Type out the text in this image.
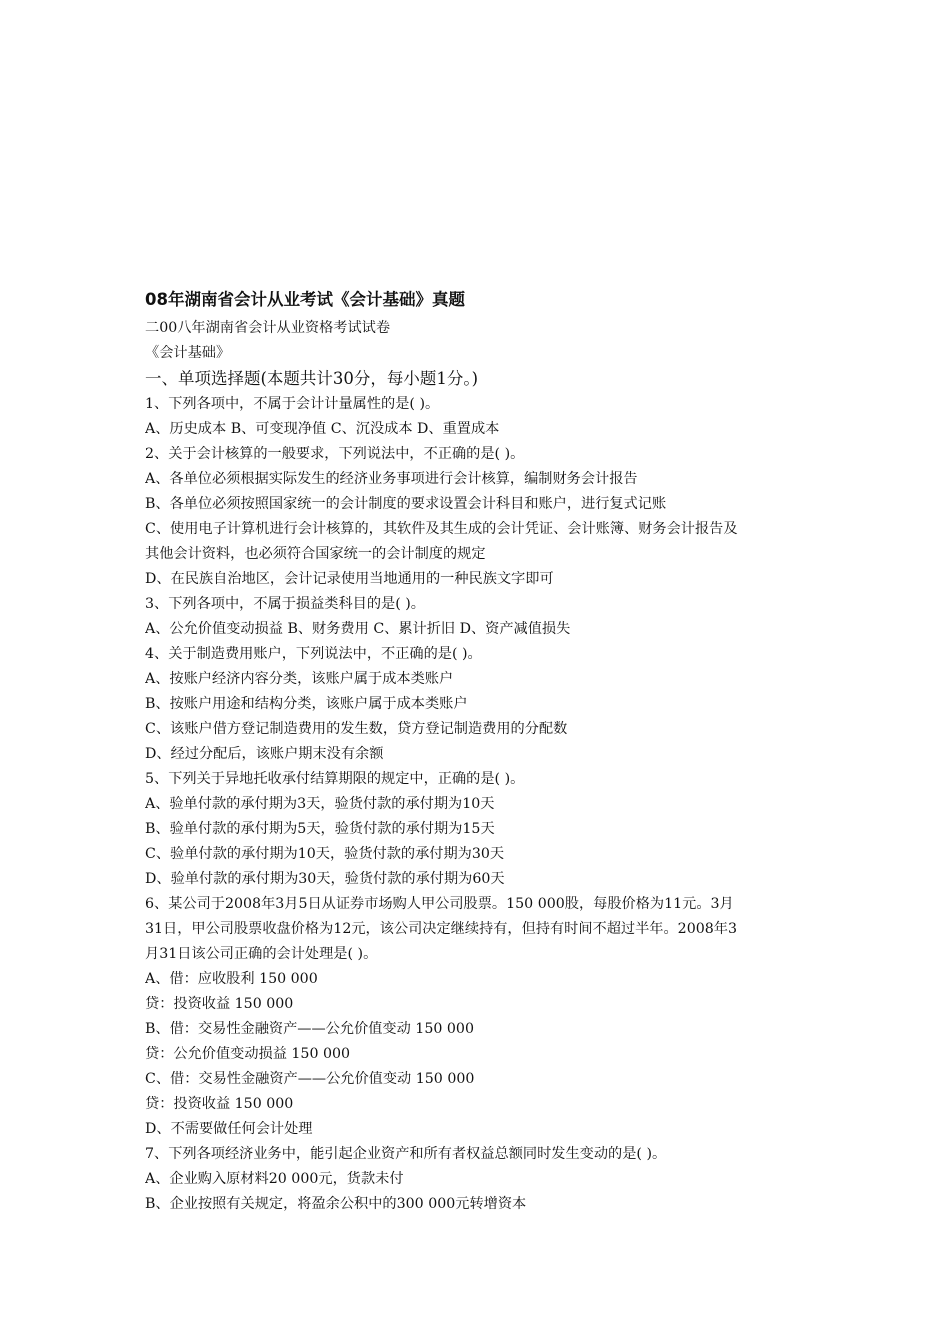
08年湖南省会计从业考试《会计基础》真题
二00八年湖南省会计从业资格考试试卷
《会计基础》
一、单项选择题(本题共计30分，每小题1分。)
1、下列各项中，不属于会计计量属性的是( )。
A、历史成本 B、可变现净值 C、沉没成本 D、重置成本
2、关于会计核算的一般要求，下列说法中，不正确的是( )。
A、各单位必须根据实际发生的经济业务事项进行会计核算，编制财务会计报告
B、各单位必须按照国家统一的会计制度的要求设置会计科目和账户，进行复式记账
C、使用电子计算机进行会计核算的，其软件及其生成的会计凭证、会计账簿、财务会计报告及
其他会计资料，也必须符合国家统一的会计制度的规定
D、在民族自治地区，会计记录使用当地通用的一种民族文字即可
3、下列各项中，不属于损益类科目的是( )。
A、公允价值变动损益 B、财务费用 C、累计折旧 D、资产减值损失
4、关于制造费用账户，下列说法中，不正确的是( )。
A、按账户经济内容分类，该账户属于成本类账户
B、按账户用途和结构分类，该账户属于成本类账户
C、该账户借方登记制造费用的发生数，贷方登记制造费用的分配数
D、经过分配后，该账户期末没有余额
5、下列关于异地托收承付结算期限的规定中，正确的是( )。
A、验单付款的承付期为3天，验货付款的承付期为10天
B、验单付款的承付期为5天，验货付款的承付期为15天
C、验单付款的承付期为10天，验货付款的承付期为30天
D、验单付款的承付期为30天，验货付款的承付期为60天
6、某公司于2008年3月5日从证券市场购人甲公司股票。150 000股，每股价格为11元。3月
31日，甲公司股票收盘价格为12元，该公司决定继续持有，但持有时间不超过半年。2008年3
月31日该公司正确的会计处理是( )。
A、借：应收股利 150 000
贷：投资收益 150 000
B、借：交易性金融资产——公允价值变动 150 000
贷：公允价值变动损益 150 000
C、借：交易性金融资产——公允价值变动 150 000
贷：投资收益 150 000
D、不需要做任何会计处理
7、下列各项经济业务中，能引起企业资产和所有者权益总额同时发生变动的是( )。
A、企业购入原材料20 000元，货款未付
B、企业按照有关规定，将盈余公积中的300 000元转增资本
